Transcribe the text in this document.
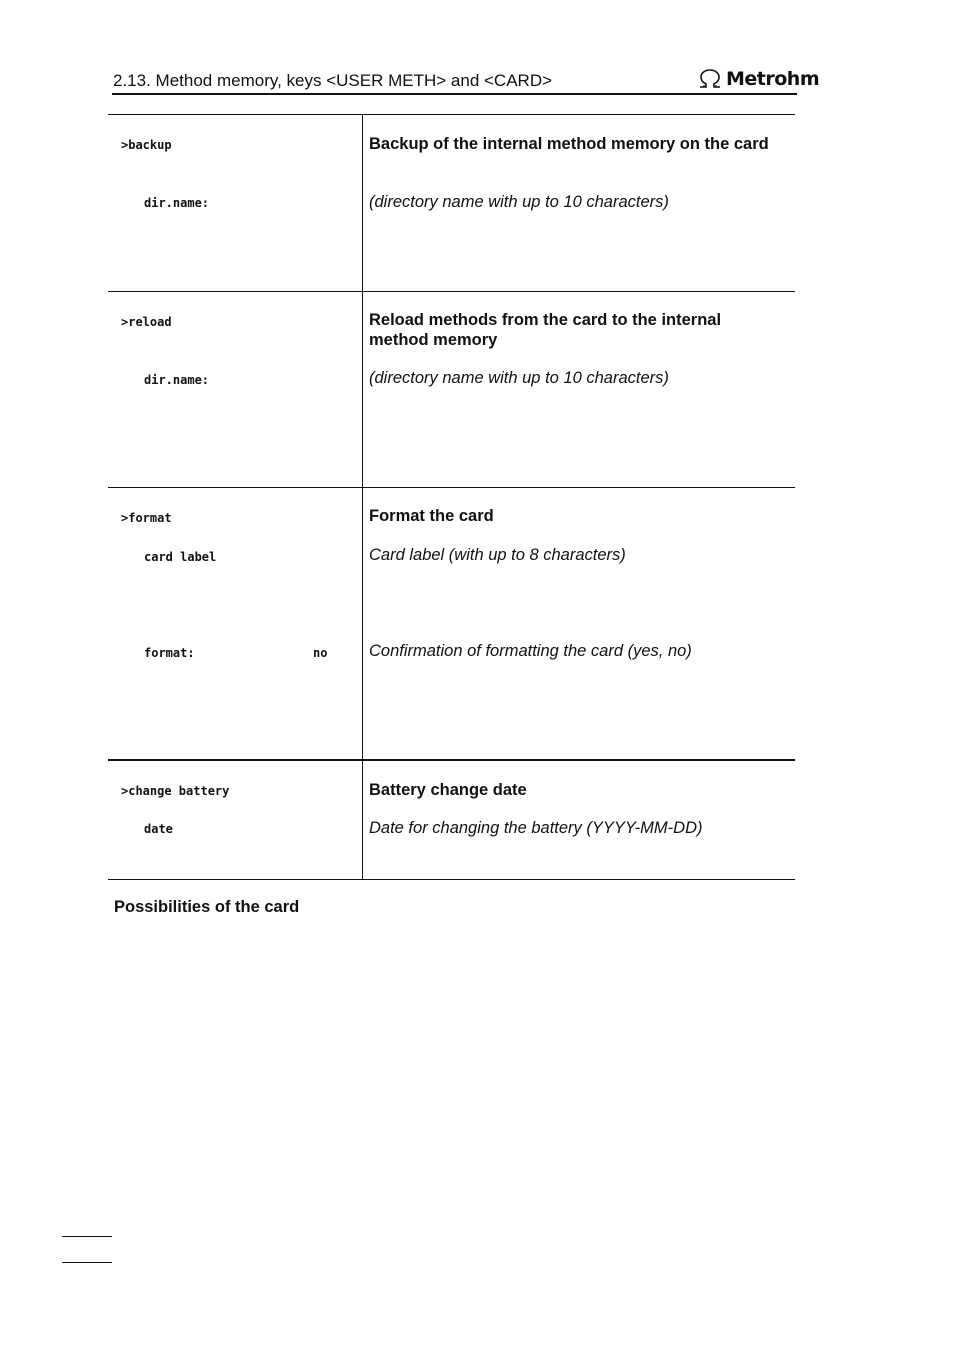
2.13. Method memory, keys <USER METH> and <CARD>	Metrohm
>backup
dir.name:
Backup of the internal method memory on the card
(directory name with up to 10 characters)
>reload
dir.name:
Reload methods from the card to the internal method memory
(directory name with up to 10 characters)
>format
card label
format:	no
Format the card
Card label (with up to 8 characters)
Confirmation of formatting the card (yes, no)
>change battery
date
Battery change date
Date for changing the battery (YYYY-MM-DD)
Possibilities of the card
